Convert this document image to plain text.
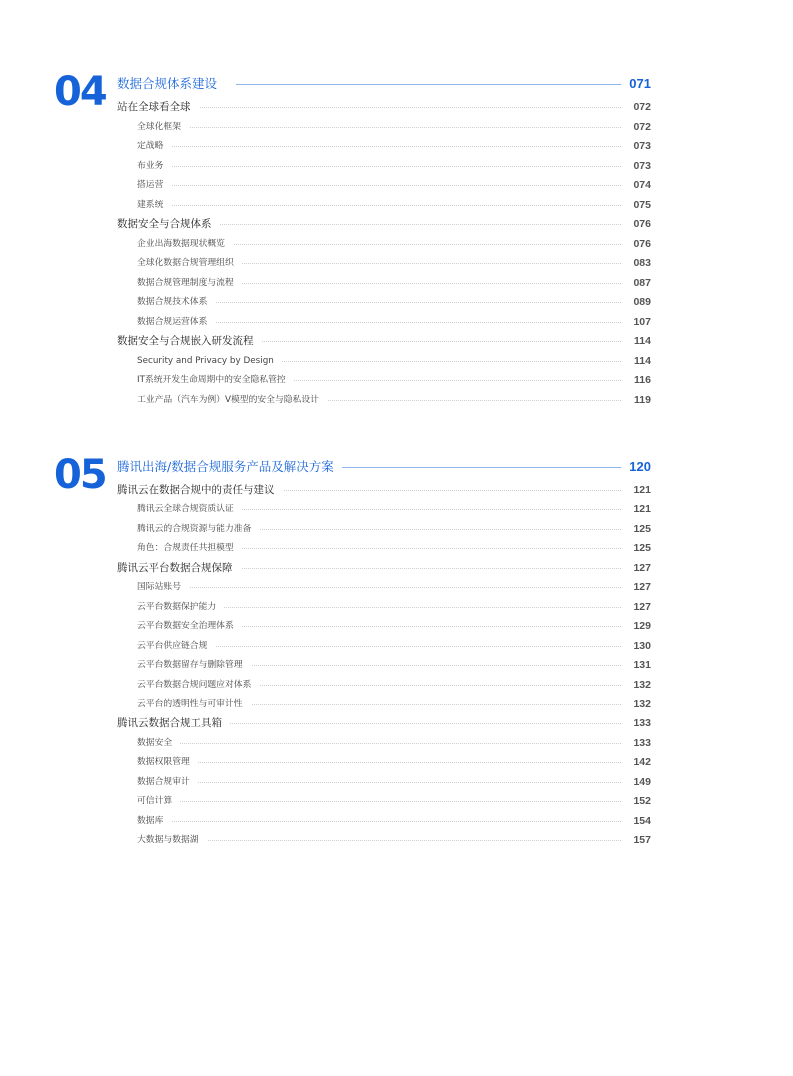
04 数据合规体系建设	071
站在全球看全球	072
全球化框架	072
定战略	073
布业务	073
搭运营	074
建系统	075
数据安全与合规体系	076
企业出海数据现状概览	076
全球化数据合规管理组织	083
数据合规管理制度与流程	087
数据合规技术体系	089
数据合规运营体系	107
数据安全与合规嵌入研发流程	114
Security and Privacy by Design	114
IT系统开发生命周期中的安全隐私管控	116
工业产品（汽车为例）V模型的安全与隐私设计	119
05 腾讯出海/数据合规服务产品及解决方案	120
腾讯云在数据合规中的责任与建议	121
腾讯云全球合规资质认证	121
腾讯云的合规资源与能力准备	125
角色：合规责任共担模型	125
腾讯云平台数据合规保障	127
国际站账号	127
云平台数据保护能力	127
云平台数据安全治理体系	129
云平台供应链合规	130
云平台数据留存与删除管理	131
云平台数据合规问题应对体系	132
云平台的透明性与可审计性	132
腾讯云数据合规工具箱	133
数据安全	133
数据权限管理	142
数据合规审计	149
可信计算	152
数据库	154
大数据与数据湖	157
